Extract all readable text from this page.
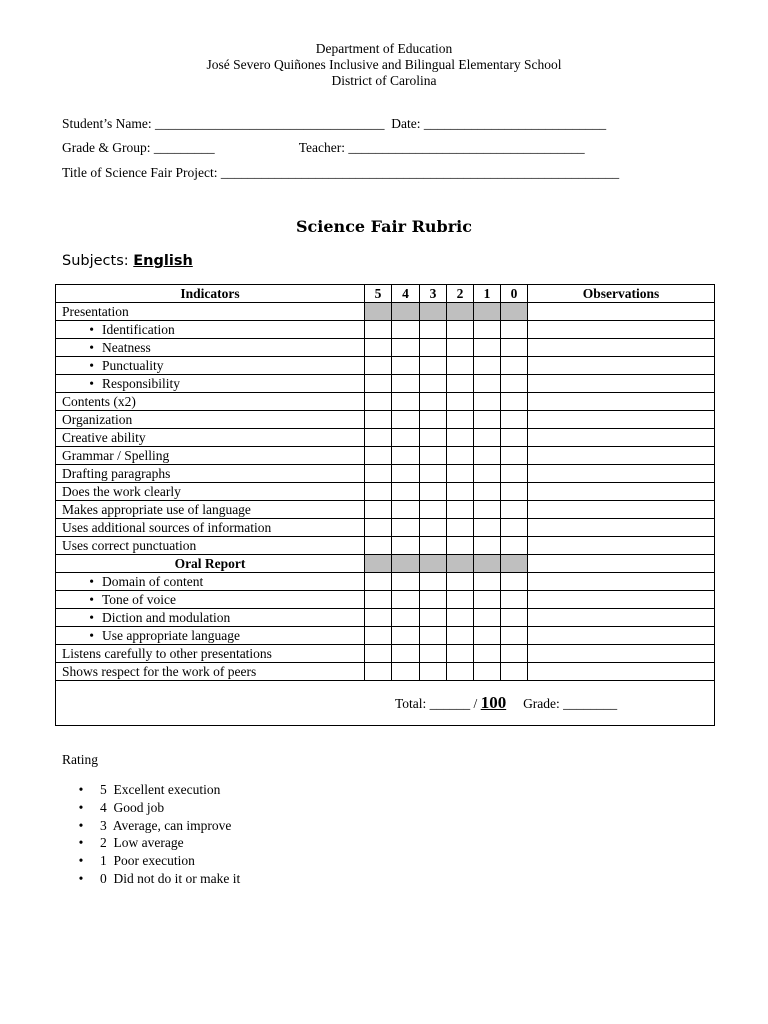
Department of Education
José Severo Quiñones Inclusive and Bilingual Elementary School
District of Carolina
Student’s Name: __________________________________ Date: ___________________________
Grade & Group: _________	Teacher: ___________________________________
Title of Science Fair Project: ___________________________________________________________
Science Fair Rubric
Subjects: English
Indicators	5	4	3	2	1	0	Observations
Presentation							
• Identification							
• Neatness							
• Punctuality							
• Responsibility							
Contents (x2)							
Organization							
Creative ability							
Grammar / Spelling							
Drafting paragraphs							
Does the work clearly							
Makes appropriate use of language							
Uses additional sources of information							
Uses correct punctuation							
Oral Report							
• Domain of content							
• Tone of voice							
• Diction and modulation							
• Use appropriate language							
Listens carefully to other presentations							
Shows respect for the work of peers							

Total: ______ / 100 Grade: ________							
Rating
• 5 Excellent execution
• 4 Good job
• 3 Average, can improve
• 2 Low average
• 1 Poor execution
• 0 Did not do it or make it
